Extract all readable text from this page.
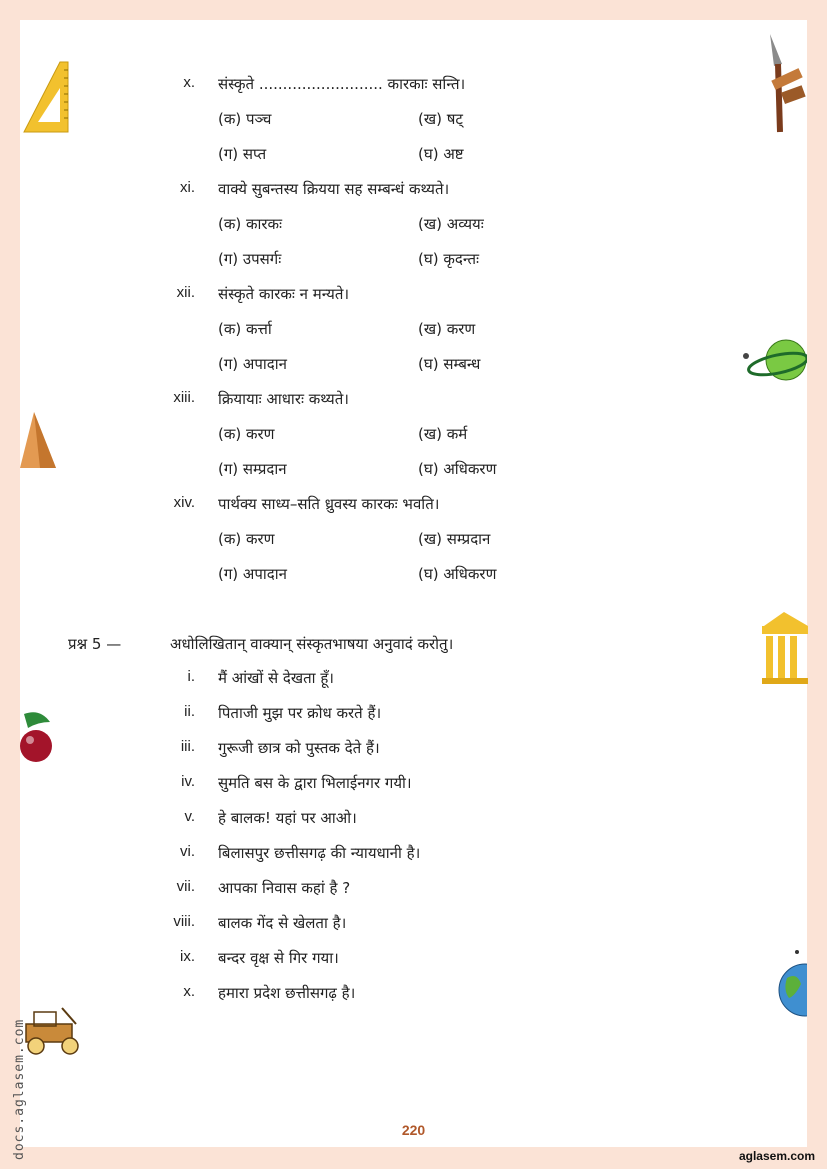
x. संस्कृते .......................... कारकाः सन्ति।
(क) पञ्च	(ख) षट्
(ग) सप्त	(घ) अष्ट
xi. वाक्ये सुबन्तस्य क्रियया सह सम्बन्धं कथ्यते।
(क) कारकः	(ख) अव्ययः
(ग) उपसर्गः	(घ) कृदन्तः
xii. संस्कृते कारकः न मन्यते।
(क) कर्त्ता	(ख) करण
(ग) अपादान	(घ) सम्बन्ध
xiii. क्रियायाः आधारः कथ्यते।
(क) करण	(ख) कर्म
(ग) सम्प्रदान	(घ) अधिकरण
xiv. पार्थक्य साध्य–सति ध्रुवस्य कारकः भवति।
(क) करण	(ख) सम्प्रदान
(ग) अपादान	(घ) अधिकरण
प्रश्न 5 —	अधोलिखितान् वाक्यान् संस्कृतभाषया अनुवादं करोतु।
i. मैं आंखों से देखता हूँ।
ii. पिताजी मुझ पर क्रोध करते हैं।
iii. गुरूजी छात्र को पुस्तक देते हैं।
iv. सुमति बस के द्वारा भिलाईनगर गयी।
v. हे बालक! यहां पर आओ।
vi. बिलासपुर छत्तीसगढ़ की न्यायधानी है।
vii. आपका निवास कहां है ?
viii. बालक गेंद से खेलता है।
ix. बन्दर वृक्ष से गिर गया।
x. हमारा प्रदेश छत्तीसगढ़ है।
220
docs.aglasem.com	aglasem.com
